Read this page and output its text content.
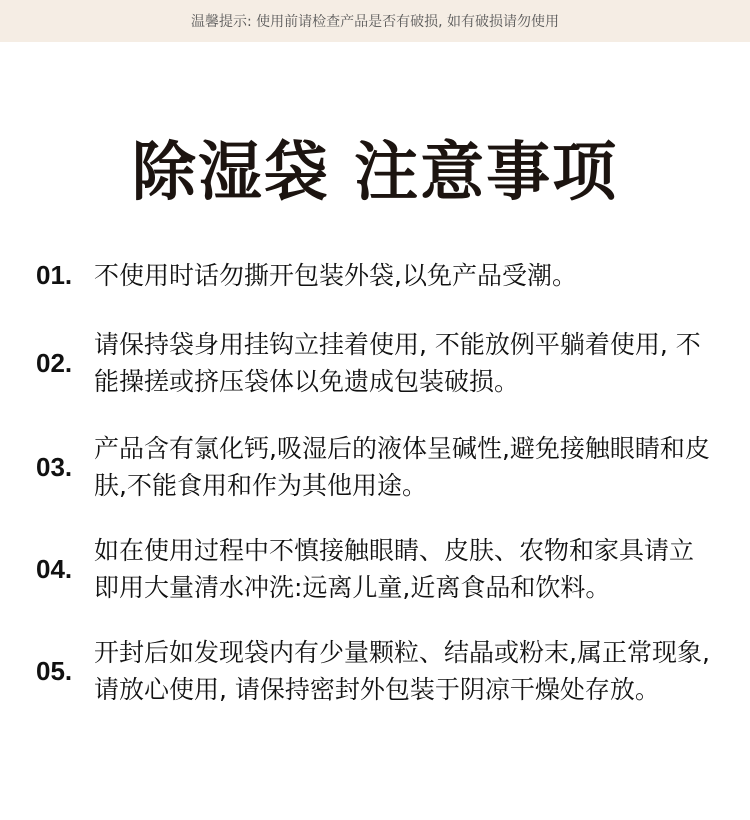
温馨提示: 使用前请检查产品是否有破损, 如有破损请勿使用
除湿袋 注意事项
01. 不使用时话勿撕开包装外袋,以免产品受潮。
02.
请保持袋身用挂钩立挂着使用, 不能放例平躺着使用, 不能操搓或挤压袋体以免遗成包装破损。
03.
产品含有氯化钙,吸湿后的液体呈碱性,避免接触眼睛和皮肤,不能食用和作为其他用途。
04.
如在使用过程中不慎接触眼睛、皮肤、农物和家具请立即用大量清水冲洗:远离儿童,近离食品和饮料。
05.
开封后如发现袋内有少量颗粒、结晶或粉末,属正常现象,请放心使用, 请保持密封外包装于阴凉干燥处存放。
